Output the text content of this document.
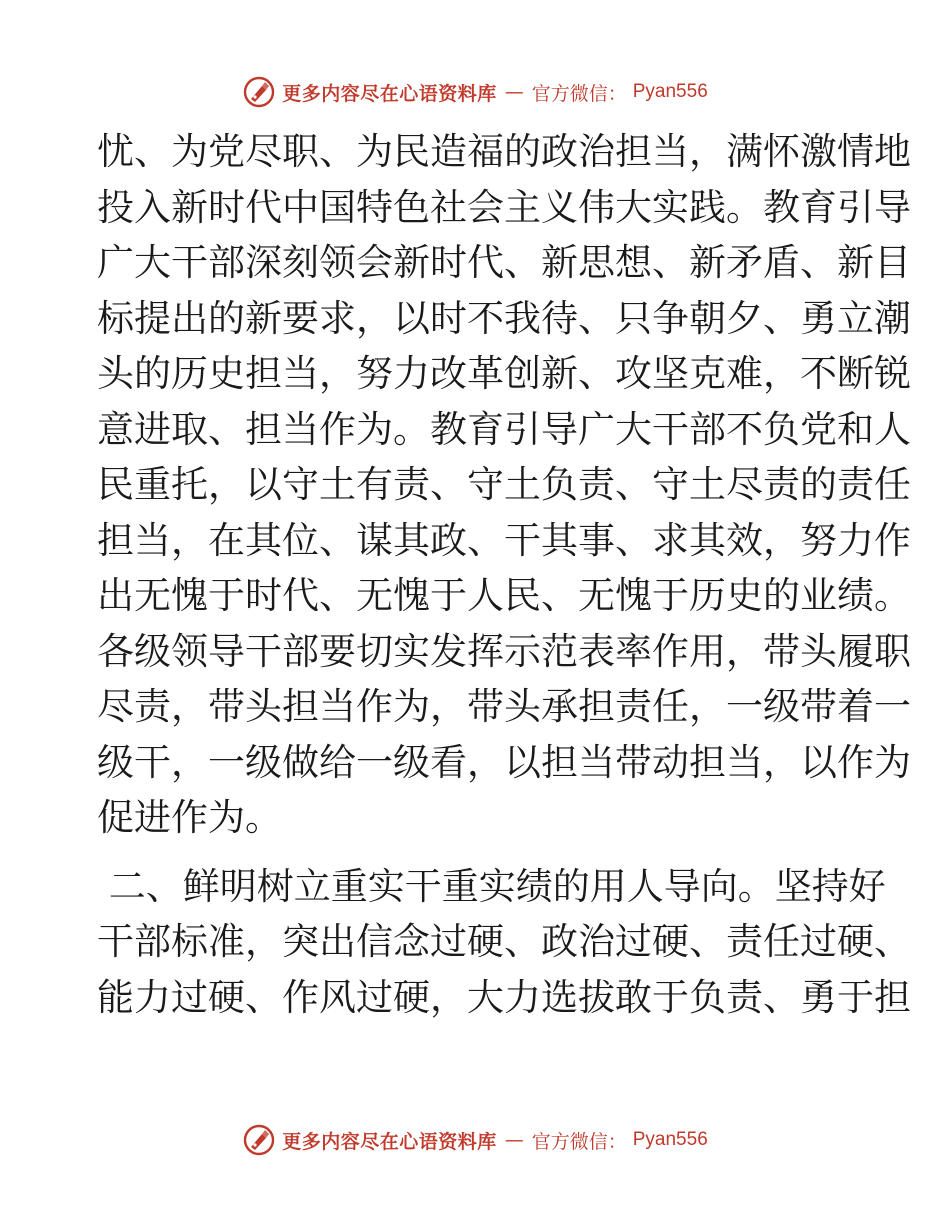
更多内容尽在心语资料库 — 官方微信： Pyan556
忧、为党尽职、为民造福的政治担当，满怀激情地
投入新时代中国特色社会主义伟大实践。教育引导
广大干部深刻领会新时代、新思想、新矛盾、新目
标提出的新要求，以时不我待、只争朝夕、勇立潮
头的历史担当，努力改革创新、攻坚克难，不断锐
意进取、担当作为。教育引导广大干部不负党和人
民重托，以守土有责、守土负责、守土尽责的责任
担当，在其位、谋其政、干其事、求其效，努力作
出无愧于时代、无愧于人民、无愧于历史的业绩。
各级领导干部要切实发挥示范表率作用，带头履职
尽责，带头担当作为，带头承担责任，一级带着一
级干，一级做给一级看，以担当带动担当，以作为
促进作为。
二、鲜明树立重实干重实绩的用人导向。坚持好
干部标准，突出信念过硬、政治过硬、责任过硬、
能力过硬、作风过硬，大力选拔敢于负责、勇于担
更多内容尽在心语资料库 — 官方微信： Pyan556
